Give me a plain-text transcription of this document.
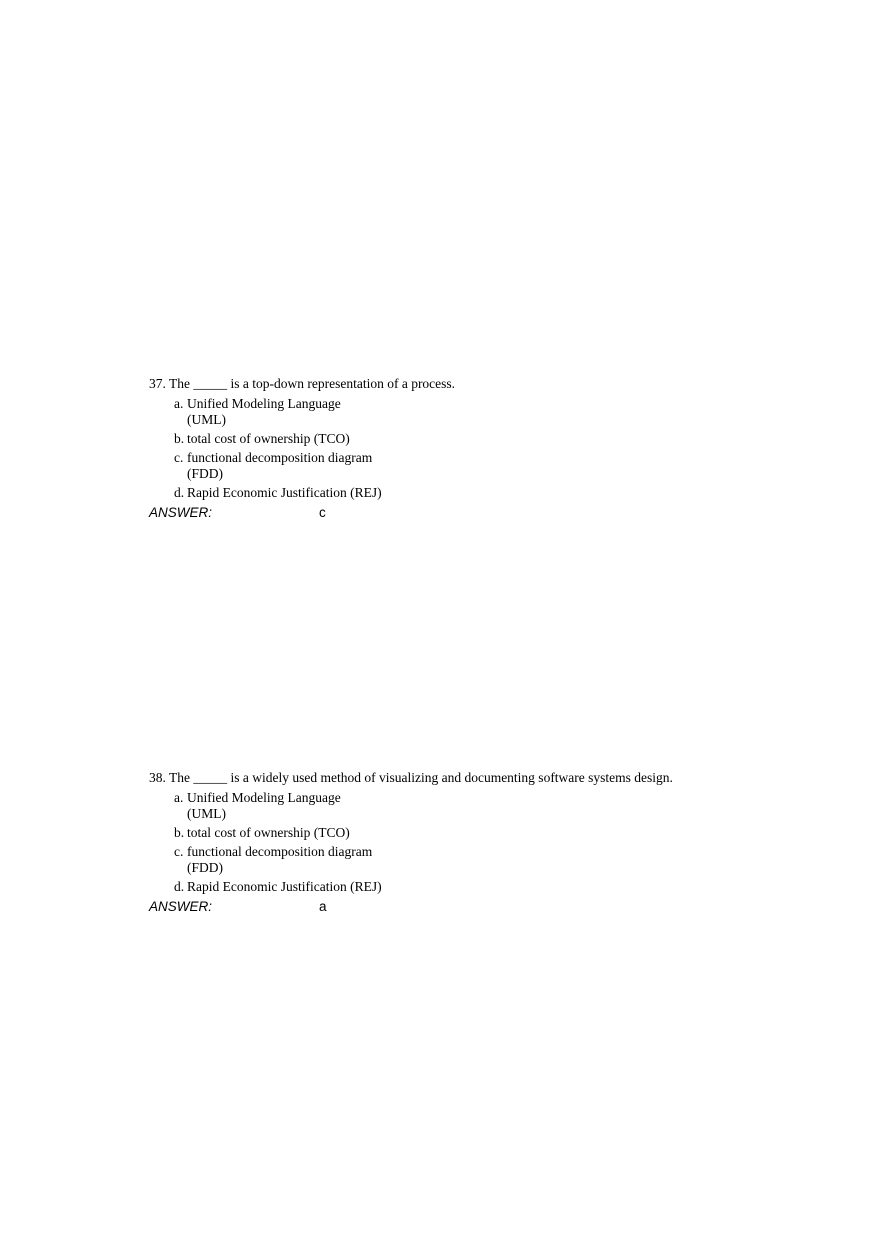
37. The _____ is a top-down representation of a process.
a. Unified Modeling Language (UML)
b. total cost of ownership (TCO)
c. functional decomposition diagram (FDD)
d. Rapid Economic Justification (REJ)
ANSWER:	c
38. The _____ is a widely used method of visualizing and documenting software systems design.
a. Unified Modeling Language (UML)
b. total cost of ownership (TCO)
c. functional decomposition diagram (FDD)
d. Rapid Economic Justification (REJ)
ANSWER:	a
